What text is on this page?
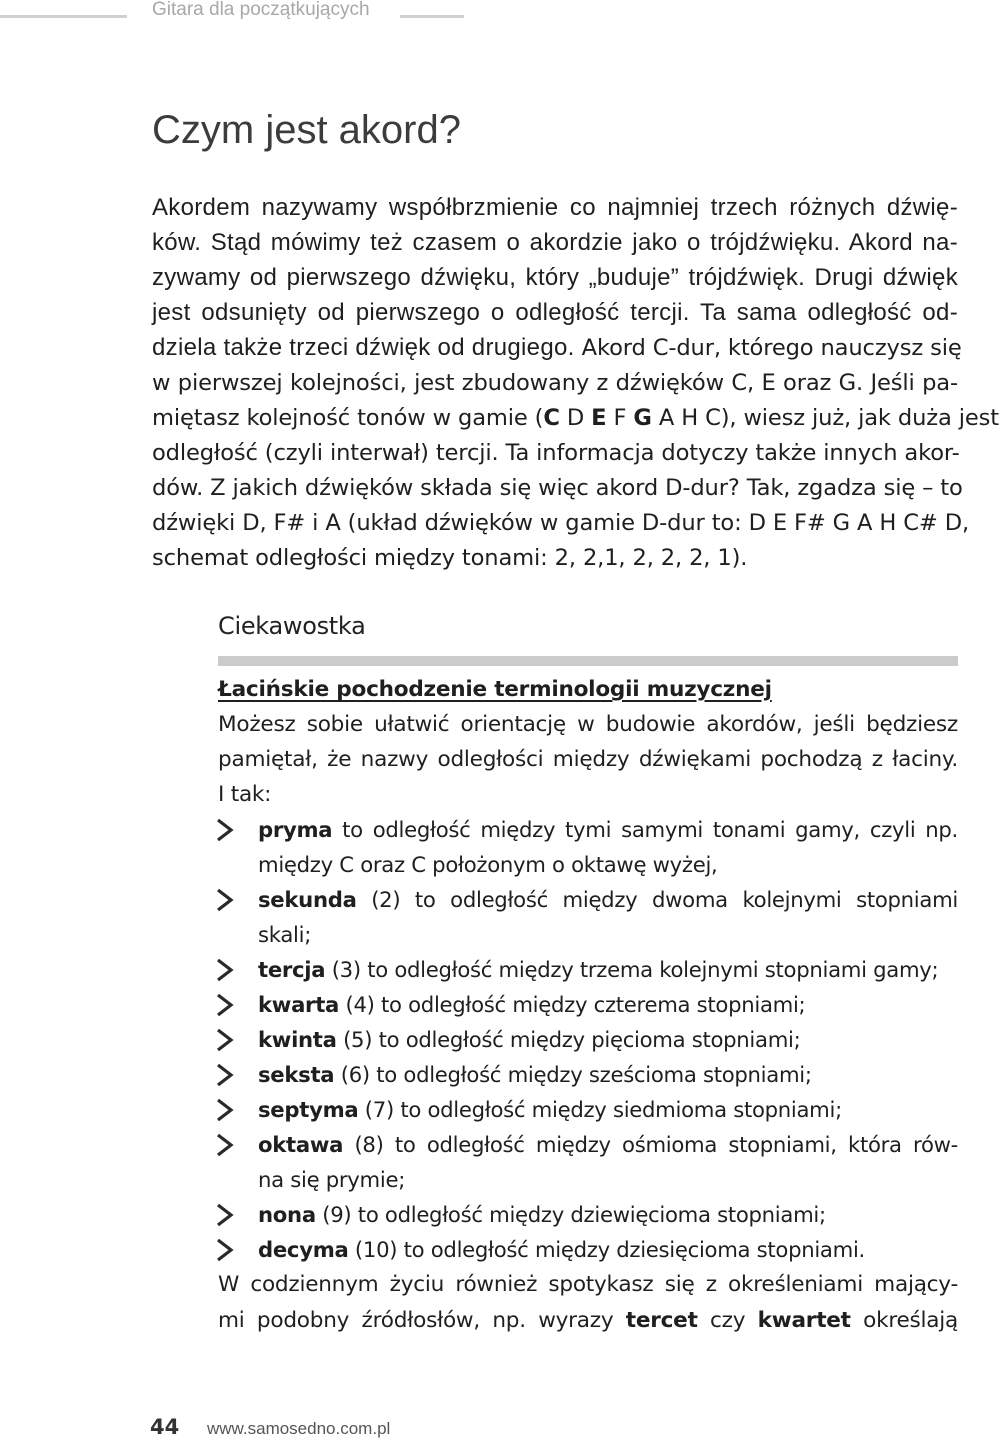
Gitara dla początkujących
Czym jest akord?
Akordem nazywamy współbrzmienie co najmniej trzech różnych dźwię-
ków. Stąd mówimy też czasem o akordzie jako o trójdźwięku. Akord na-
zywamy od pierwszego dźwięku, który „buduje” trójdźwięk. Drugi dźwięk
jest odsunięty od pierwszego o odległość tercji. Ta sama odległość od-
dziela także trzeci dźwięk od drugiego. Akord C-dur, którego nauczysz się
w pierwszej kolejności, jest zbudowany z dźwięków C, E oraz G. Jeśli pa-
miętasz kolejność tonów w gamie (C D E F G A H C), wiesz już, jak duża jest
odległość (czyli interwał) tercji. Ta informacja dotyczy także innych akor-
dów. Z jakich dźwięków składa się więc akord D-dur? Tak, zgadza się – to
dźwięki D, F# i A (układ dźwięków w gamie D-dur to: D E F# G A H C# D,
schemat odległości między tonami: 2, 2,1, 2, 2, 2, 1).
Ciekawostka
Łacińskie pochodzenie terminologii muzycznej
Możesz sobie ułatwić orientację w budowie akordów, jeśli będziesz
pamiętał, że nazwy odległości między dźwiękami pochodzą z łaciny.
I tak:
pryma to odległość między tymi samymi tonami gamy, czyli np.
między C oraz C położonym o oktawę wyżej,
sekunda (2) to odległość między dwoma kolejnymi stopniami
skali;
tercja (3) to odległość między trzema kolejnymi stopniami gamy;
kwarta (4) to odległość między czterema stopniami;
kwinta (5) to odległość między pięcioma stopniami;
seksta (6) to odległość między sześcioma stopniami;
septyma (7) to odległość między siedmioma stopniami;
oktawa (8) to odległość między ośmioma stopniami, która rów-
na się prymie;
nona (9) to odległość między dziewięcioma stopniami;
decyma (10) to odległość między dziesięcioma stopniami.
W codziennym życiu również spotykasz się z określeniami mający-
mi podobny źródłosłów, np. wyrazy tercet czy kwartet określają
44 www.samosedno.com.pl
